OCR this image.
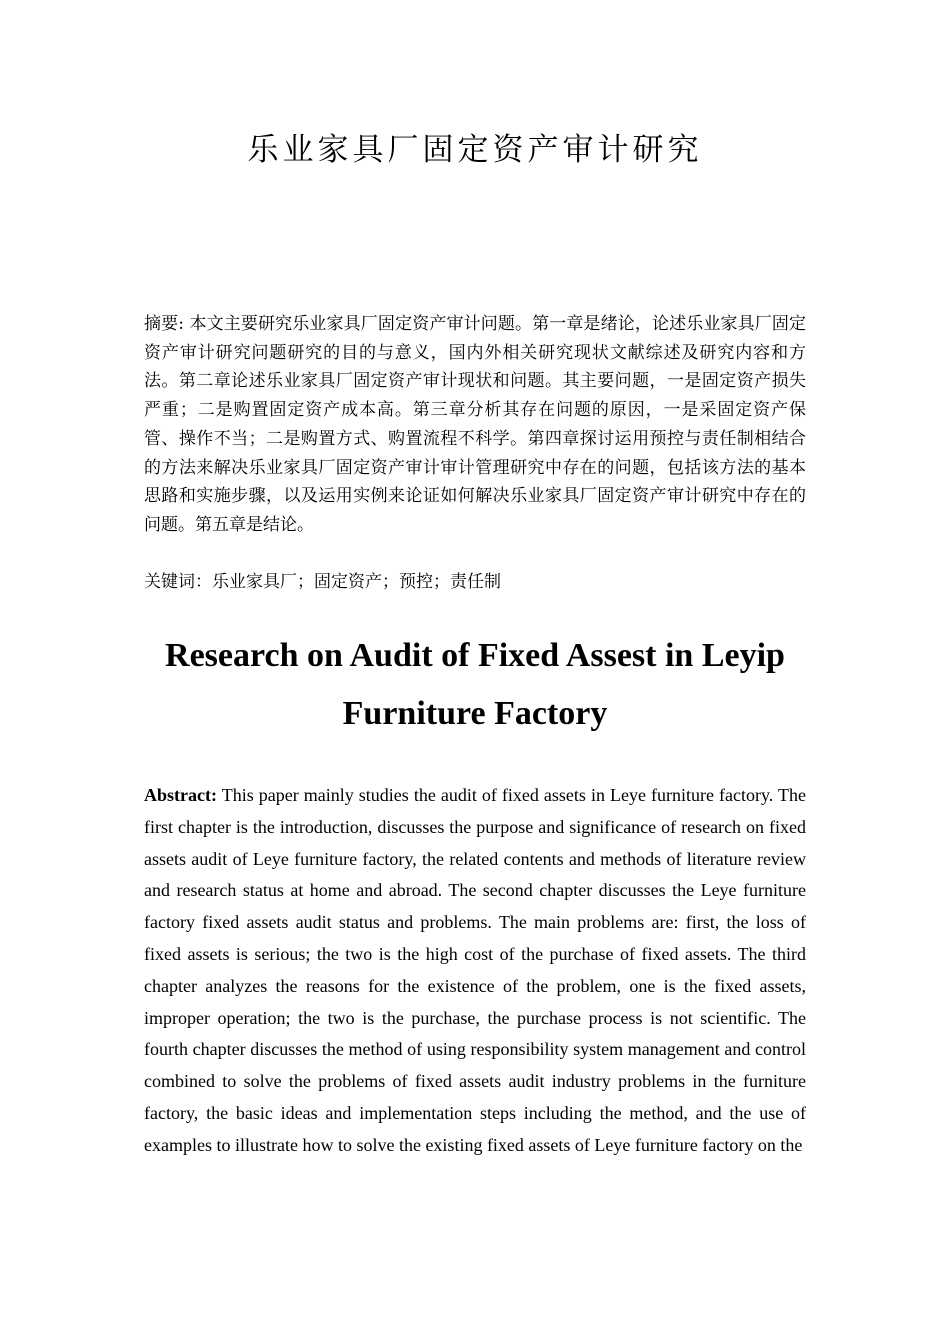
乐业家具厂固定资产审计研究
摘要: 本文主要研究乐业家具厂固定资产审计问题。第一章是绪论，论述乐业家具厂固定资产审计研究问题研究的目的与意义，国内外相关研究现状文献综述及研究内容和方法。第二章论述乐业家具厂固定资产审计现状和问题。其主要问题，一是固定资产损失严重；二是购置固定资产成本高。第三章分析其存在问题的原因，一是采固定资产保管、操作不当；二是购置方式、购置流程不科学。第四章探讨运用预控与责任制相结合的方法来解决乐业家具厂固定资产审计审计管理研究中存在的问题，包括该方法的基本思路和实施步骤，以及运用实例来论证如何解决乐业家具厂固定资产审计研究中存在的问题。第五章是结论。
关键词：乐业家具厂；固定资产；预控；责任制
Research on Audit of Fixed Assest in Leyip Furniture Factory
Abstract: This paper mainly studies the audit of fixed assets in Leye furniture factory. The first chapter is the introduction, discusses the purpose and significance of research on fixed assets audit of Leye furniture factory, the related contents and methods of literature review and research status at home and abroad. The second chapter discusses the Leye furniture factory fixed assets audit status and problems. The main problems are: first, the loss of fixed assets is serious; the two is the high cost of the purchase of fixed assets. The third chapter analyzes the reasons for the existence of the problem, one is the fixed assets, improper operation; the two is the purchase, the purchase process is not scientific. The fourth chapter discusses the method of using responsibility system management and control combined to solve the problems of fixed assets audit industry problems in the furniture factory, the basic ideas and implementation steps including the method, and the use of examples to illustrate how to solve the existing fixed assets of Leye furniture factory on the
